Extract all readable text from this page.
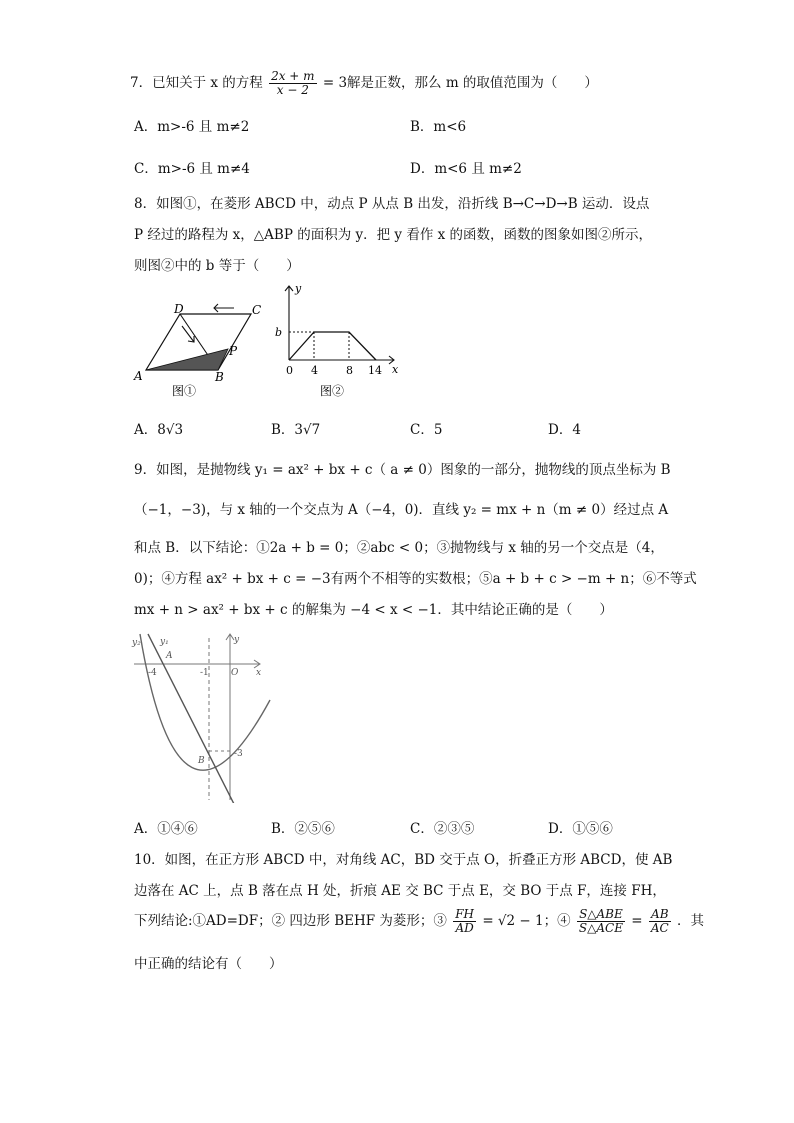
7．已知关于 x 的方程 $\frac{2x + m}{x - 2} = 3$解是正数，那么 m 的取值范围为（　　）
A．m>-6 且 m≠2	B．m<6
C．m>-6 且 m≠4	D．m<6 且 m≠2
8．如图①，在菱形 ABCD 中，动点 P 从点 B 出发，沿折线 B→C→D→B 运动．设点
P 经过的路程为 x，△ABP 的面积为 y．把 y 看作 x 的函数，函数的图象如图②所示，
则图②中的 b 等于（　　）
A	B
C
D
P
图①
y
x
b
0 4	8 14
图②
A．8√3	B．3√7	C．5	D．4
9．如图，是抛物线 y₁ = ax² + bx + c（ a ≠ 0）图象的一部分，抛物线的顶点坐标为 B
（−1，−3)，与 x 轴的一个交点为 A（−4，0)．直线 y₂ = mx + n（m ≠ 0）经过点 A
和点 B．以下结论：①2a + b = 0；②abc < 0；③抛物线与 x 轴的另一个交点是（4，
0)；④方程 ax² + bx + c = −3有两个不相等的实数根；⑤a + b + c > −m + n；⑥不等式
mx + n > ax² + bx + c 的解集为 −4 < x < −1．其中结论正确的是（　　）
y₂ y₁	y
A
-4	-1 O x
B
-3
A．①④⑥	B．②⑤⑥	C．②③⑤	D．①⑤⑥
10．如图，在正方形 ABCD 中，对角线 AC，BD 交于点 O，折叠正方形 ABCD，使 AB
边落在 AC 上，点 B 落在点 H 处，折痕 AE 交 BC 于点 E，交 BO 于点 F，连接 FH，
下列结论:①AD=DF；② 四边形 BEHF 为菱形；③ $\frac{FH}{AD} = √2 - 1$；④ $\frac{\text{S△ABE}}{\text{S△ACE}} = \frac{AB}{AC}$ ．其
中正确的结论有（　　）
